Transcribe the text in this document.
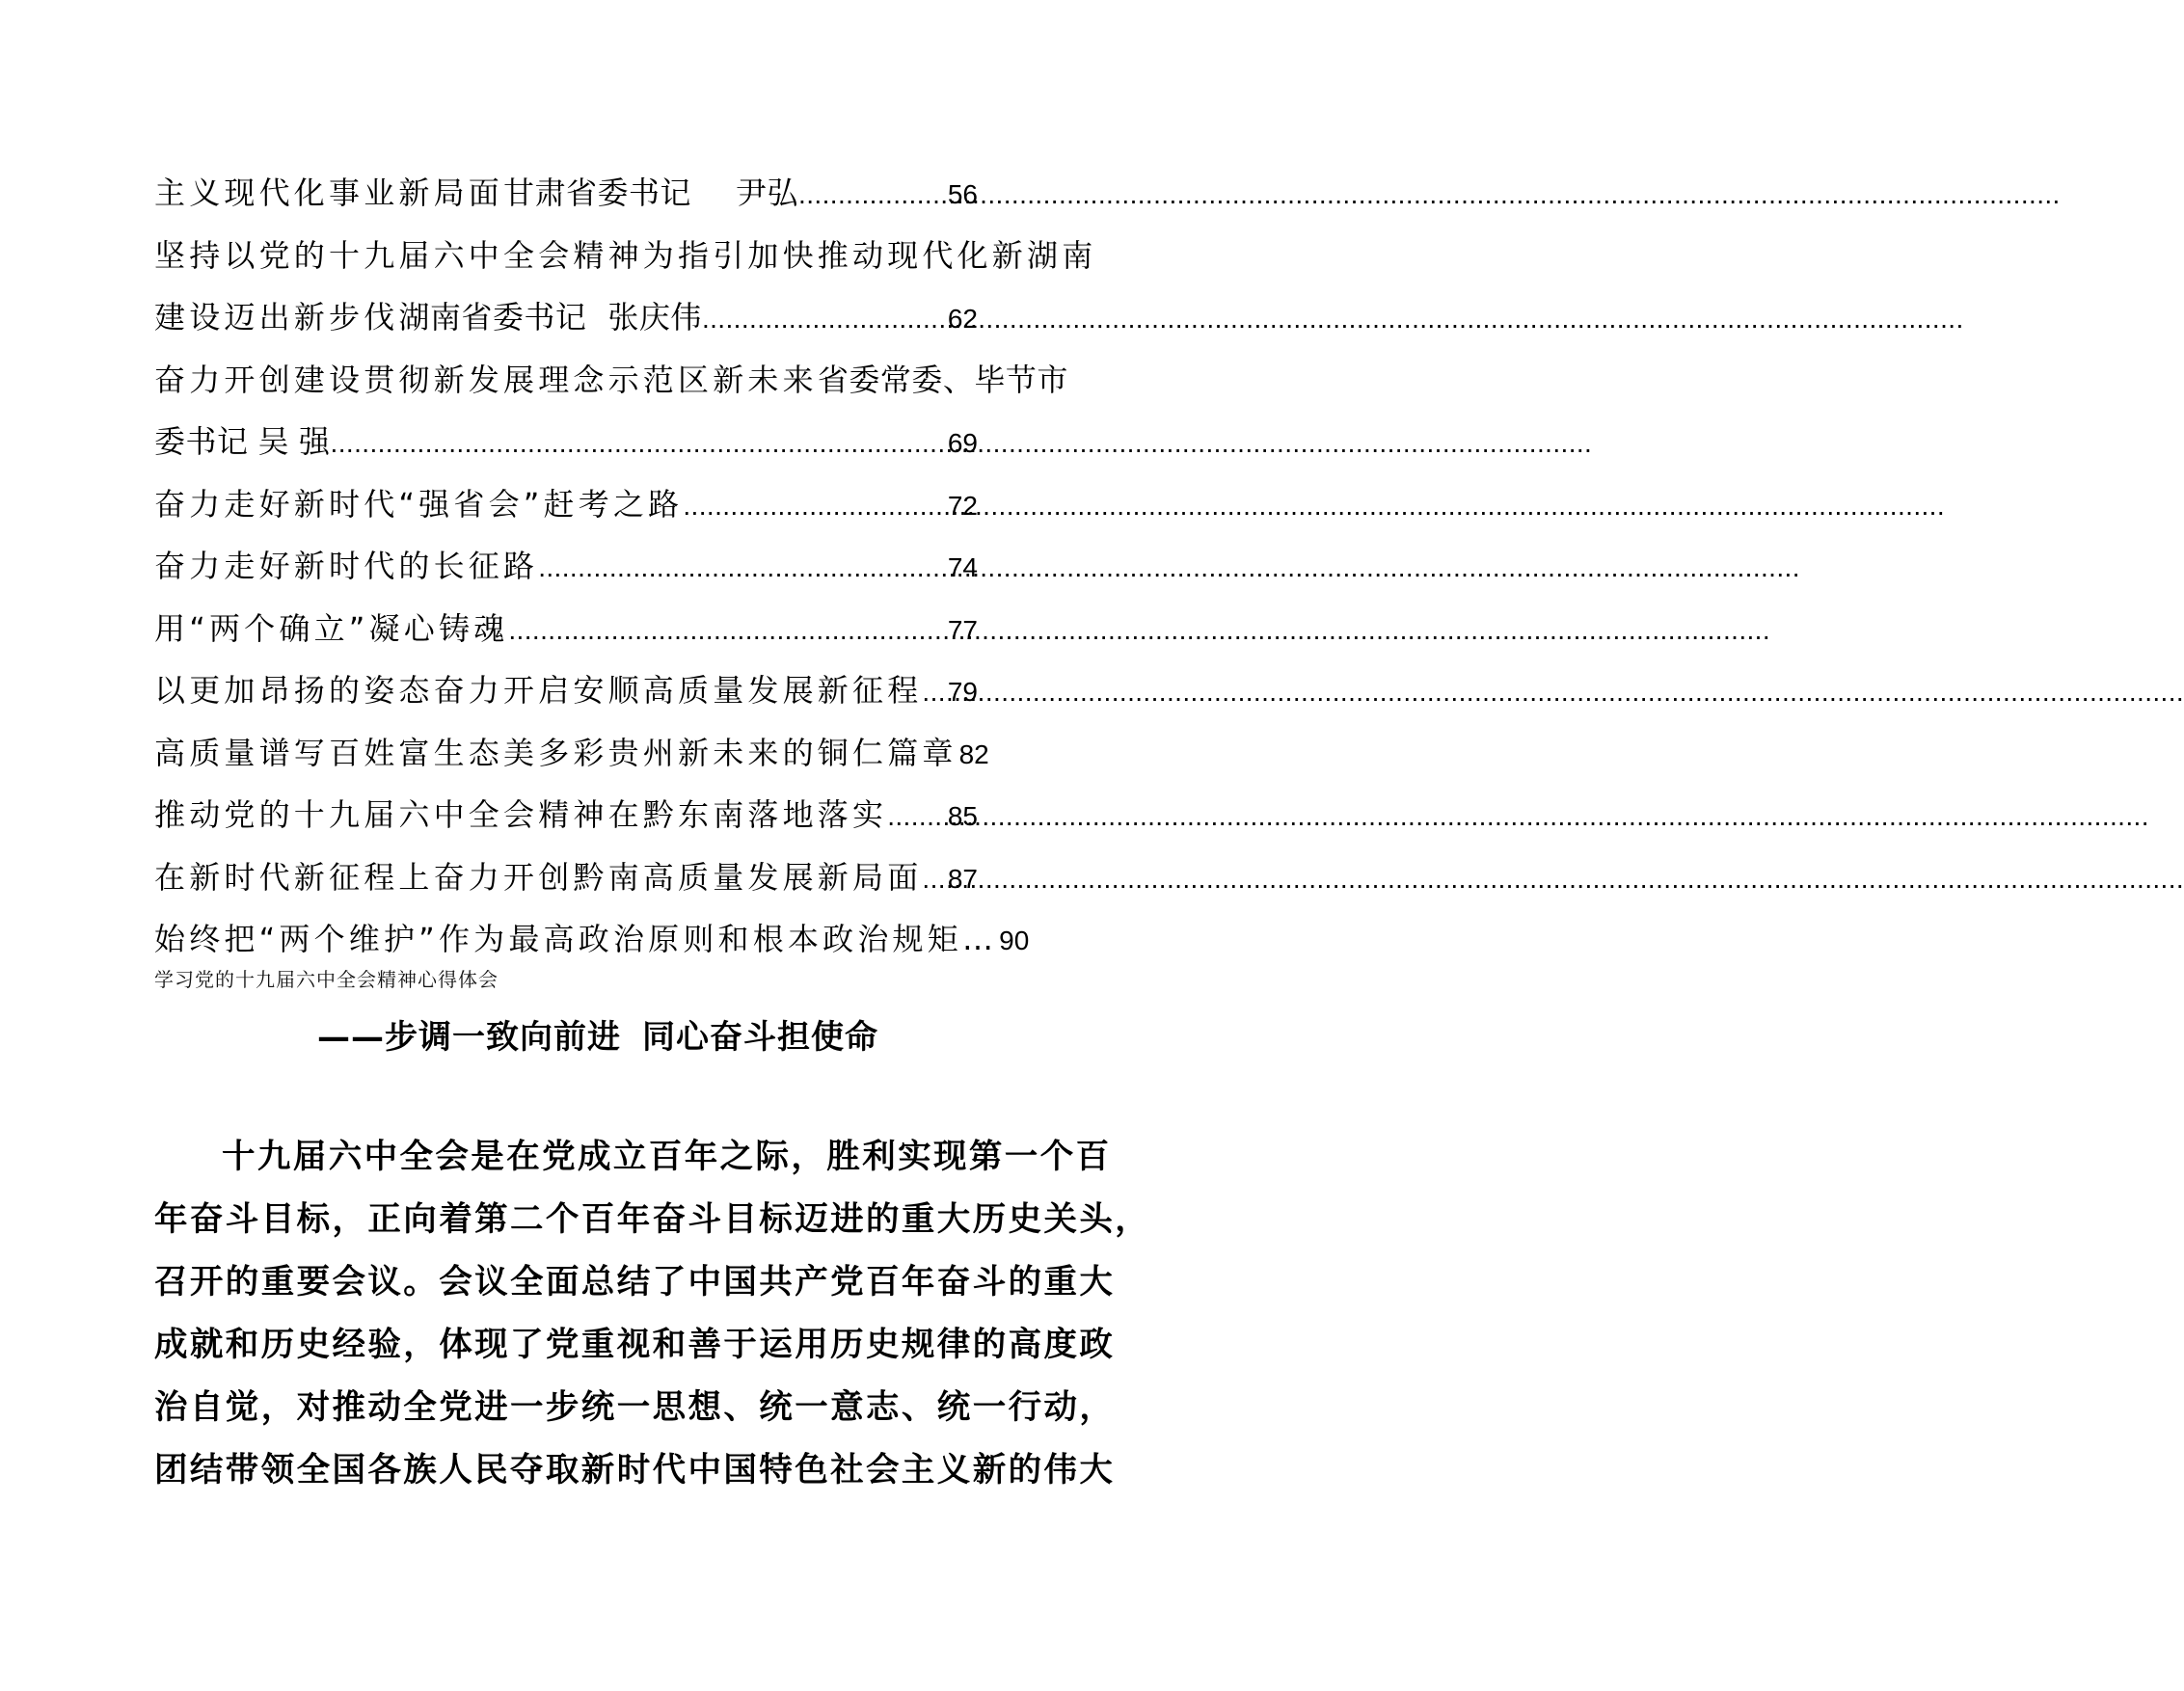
主义现代化事业新局面 甘肃省委书记 尹弘 .....	56
坚持以党的十九届六中全会精神为指引加快推动现代化新湖南
建设迈出新步伐 湖南省委书记 张庆伟 .....	62
奋力开创建设贯彻新发展理念示范区新未来 省委常委、毕节市
委书记 吴 强 .....	69
奋力走好新时代“强省会”赶考之路 .....	72
奋力走好新时代的长征路 .....	74
用“两个确立”凝心铸魂 .....	77
以更加昂扬的姿态奋力开启安顺高质量发展新征程 ..... 79
高质量谱写百姓富生态美多彩贵州新未来的铜仁篇章 82
推动党的十九届六中全会精神在黔东南落地落实 ..... 85
在新时代新征程上奋力开创黔南高质量发展新局面 ..... 87
始终把“两个维护”作为最高政治原则和根本政治规矩… 90
学习党的十九届六中全会精神心得体会
——步调一致向前进 同心奋斗担使命
十九届六中全会是在党成立百年之际，胜利实现第一个百
年奋斗目标，正向着第二个百年奋斗目标迈进的重大历史关头，
召开的重要会议。会议全面总结了中国共产党百年奋斗的重大
成就和历史经验，体现了党重视和善于运用历史规律的高度政
治自觉，对推动全党进一步统一思想、统一意志、统一行动，
团结带领全国各族人民夺取新时代中国特色社会主义新的伟大
